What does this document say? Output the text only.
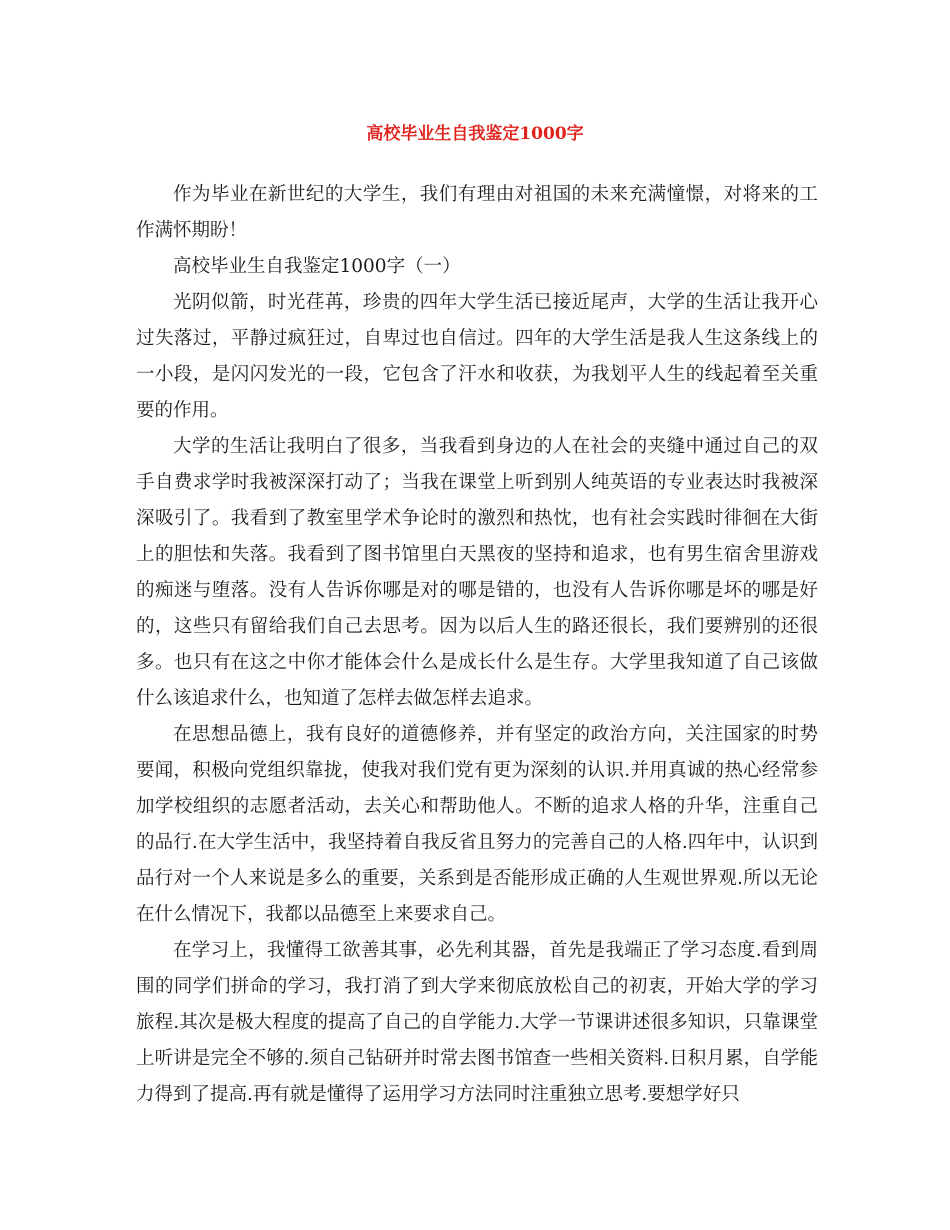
高校毕业生自我鉴定1000字

作为毕业在新世纪的大学生，我们有理由对祖国的未来充满憧憬，对将来的工作满怀期盼！

高校毕业生自我鉴定1000字（一）

光阴似箭，时光荏苒，珍贵的四年大学生活已接近尾声，大学的生活让我开心过失落过，平静过疯狂过，自卑过也自信过。四年的大学生活是我人生这条线上的一小段，是闪闪发光的一段，它包含了汗水和收获，为我划平人生的线起着至关重要的作用。

大学的生活让我明白了很多，当我看到身边的人在社会的夹缝中通过自己的双手自费求学时我被深深打动了；当我在课堂上听到别人纯英语的专业表达时我被深深吸引了。我看到了教室里学术争论时的激烈和热忱，也有社会实践时徘徊在大街上的胆怯和失落。我看到了图书馆里白天黑夜的坚持和追求，也有男生宿舍里游戏的痴迷与堕落。没有人告诉你哪是对的哪是错的，也没有人告诉你哪是坏的哪是好的，这些只有留给我们自己去思考。因为以后人生的路还很长，我们要辨别的还很多。也只有在这之中你才能体会什么是成长什么是生存。大学里我知道了自己该做什么该追求什么，也知道了怎样去做怎样去追求。

在思想品德上，我有良好的道德修养，并有坚定的政治方向，关注国家的时势要闻，积极向党组织靠拢，使我对我们党有更为深刻的认识.并用真诚的热心经常参加学校组织的志愿者活动，去关心和帮助他人。不断的追求人格的升华，注重自己的品行.在大学生活中，我坚持着自我反省且努力的完善自己的人格.四年中，认识到品行对一个人来说是多么的重要，关系到是否能形成正确的人生观世界观.所以无论在什么情况下，我都以品德至上来要求自己。

在学习上，我懂得工欲善其事，必先利其器，首先是我端正了学习态度.看到周围的同学们拼命的学习，我打消了到大学来彻底放松自己的初衷，开始大学的学习旅程.其次是极大程度的提高了自己的自学能力.大学一节课讲述很多知识，只靠课堂上听讲是完全不够的.须自己钻研并时常去图书馆查一些相关资料.日积月累，自学能力得到了提高.再有就是懂得了运用学习方法同时注重独立思考.要想学好只
